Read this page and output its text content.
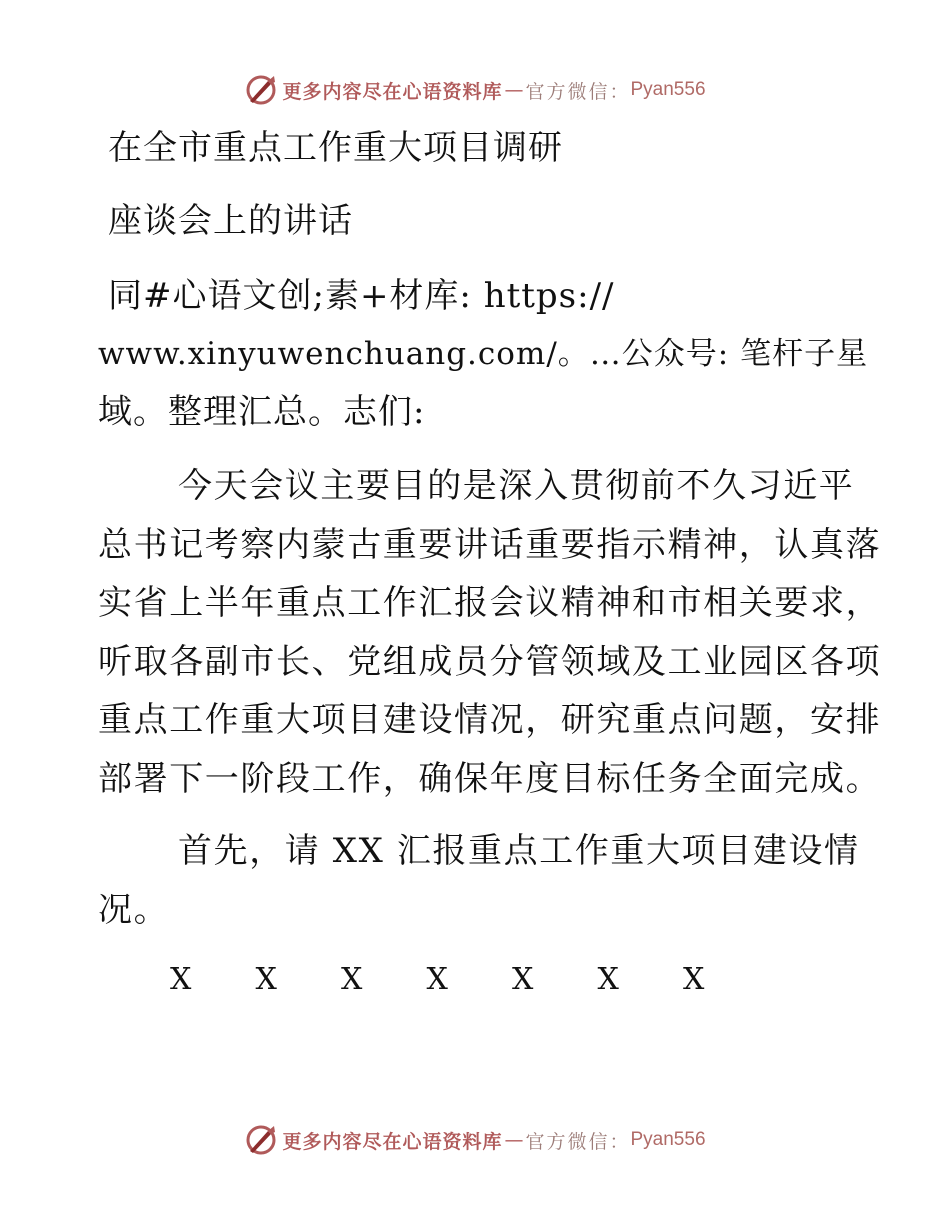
更多内容尽在心语资料库 — 官方微信： Pyan556
在全市重点工作重大项目调研
座谈会上的讲话
同#心语文创;素+材库: https://
www.xinyuwenchuang.com/。…公众号: 笔杆子星
域。整理汇总。志们:
今天会议主要目的是深入贯彻前不久习近平
总书记考察内蒙古重要讲话重要指示精神，认真落
实省上半年重点工作汇报会议精神和市相关要求，
听取各副市长、党组成员分管领域及工业园区各项
重点工作重大项目建设情况，研究重点问题，安排
部署下一阶段工作，确保年度目标任务全面完成。
首先，请 XX 汇报重点工作重大项目建设情
况。
X	X	X	X	X	X	X
更多内容尽在心语资料库 — 官方微信： Pyan556
